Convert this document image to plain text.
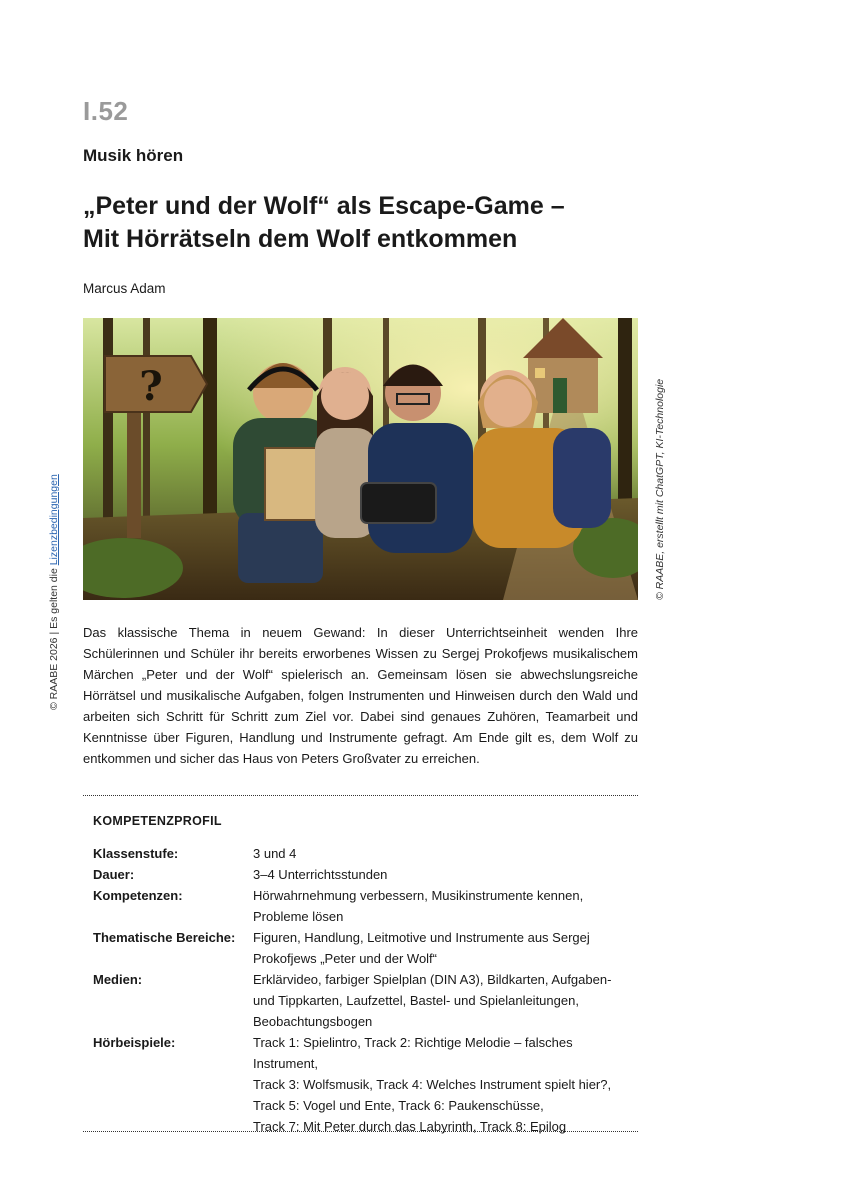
I.52
Musik hören
„Peter und der Wolf“ als Escape-Game –
Mit Hörrätseln dem Wolf entkommen
Marcus Adam
?	© RAABE, erstellt mit ChatGPT, KI-Technologie
© RAABE 2026 | Es gelten die Lizenzbedingungen
Das klassische Thema in neuem Gewand: In dieser Unterrichtseinheit wenden Ihre Schülerinnen und Schüler ihr bereits erworbenes Wissen zu Sergej Prokofjews musikalischem Märchen „Peter und der Wolf“ spielerisch an. Gemeinsam lösen sie abwechslungsreiche Hörrätsel und musikalische Aufgaben, folgen Instrumenten und Hinweisen durch den Wald und arbeiten sich Schritt für Schritt zum Ziel vor. Dabei sind genaues Zuhören, Teamarbeit und Kenntnisse über Figuren, Handlung und Instrumente gefragt. Am Ende gilt es, dem Wolf zu entkommen und sicher das Haus von Peters Großvater zu erreichen.
KOMPETENZPROFIL
Klassenstufe:	3 und 4
Dauer:	3–4 Unterrichtsstunden
Kompetenzen:	Hörwahrnehmung verbessern, Musikinstrumente kennen,
Probleme lösen
Thematische Bereiche:	Figuren, Handlung, Leitmotive und Instrumente aus Sergej
Prokofjews „Peter und der Wolf“
Medien:	Erklärvideo, farbiger Spielplan (DIN A3), Bildkarten, Aufgaben-
und Tippkarten, Laufzettel, Bastel- und Spielanleitungen,
Beobachtungsbogen
Hörbeispiele:	Track 1: Spielintro, Track 2: Richtige Melodie – falsches Instrument,
Track 3: Wolfsmusik, Track 4: Welches Instrument spielt hier?,
Track 5: Vogel und Ente, Track 6: Paukenschüsse,
Track 7: Mit Peter durch das Labyrinth, Track 8: Epilog
